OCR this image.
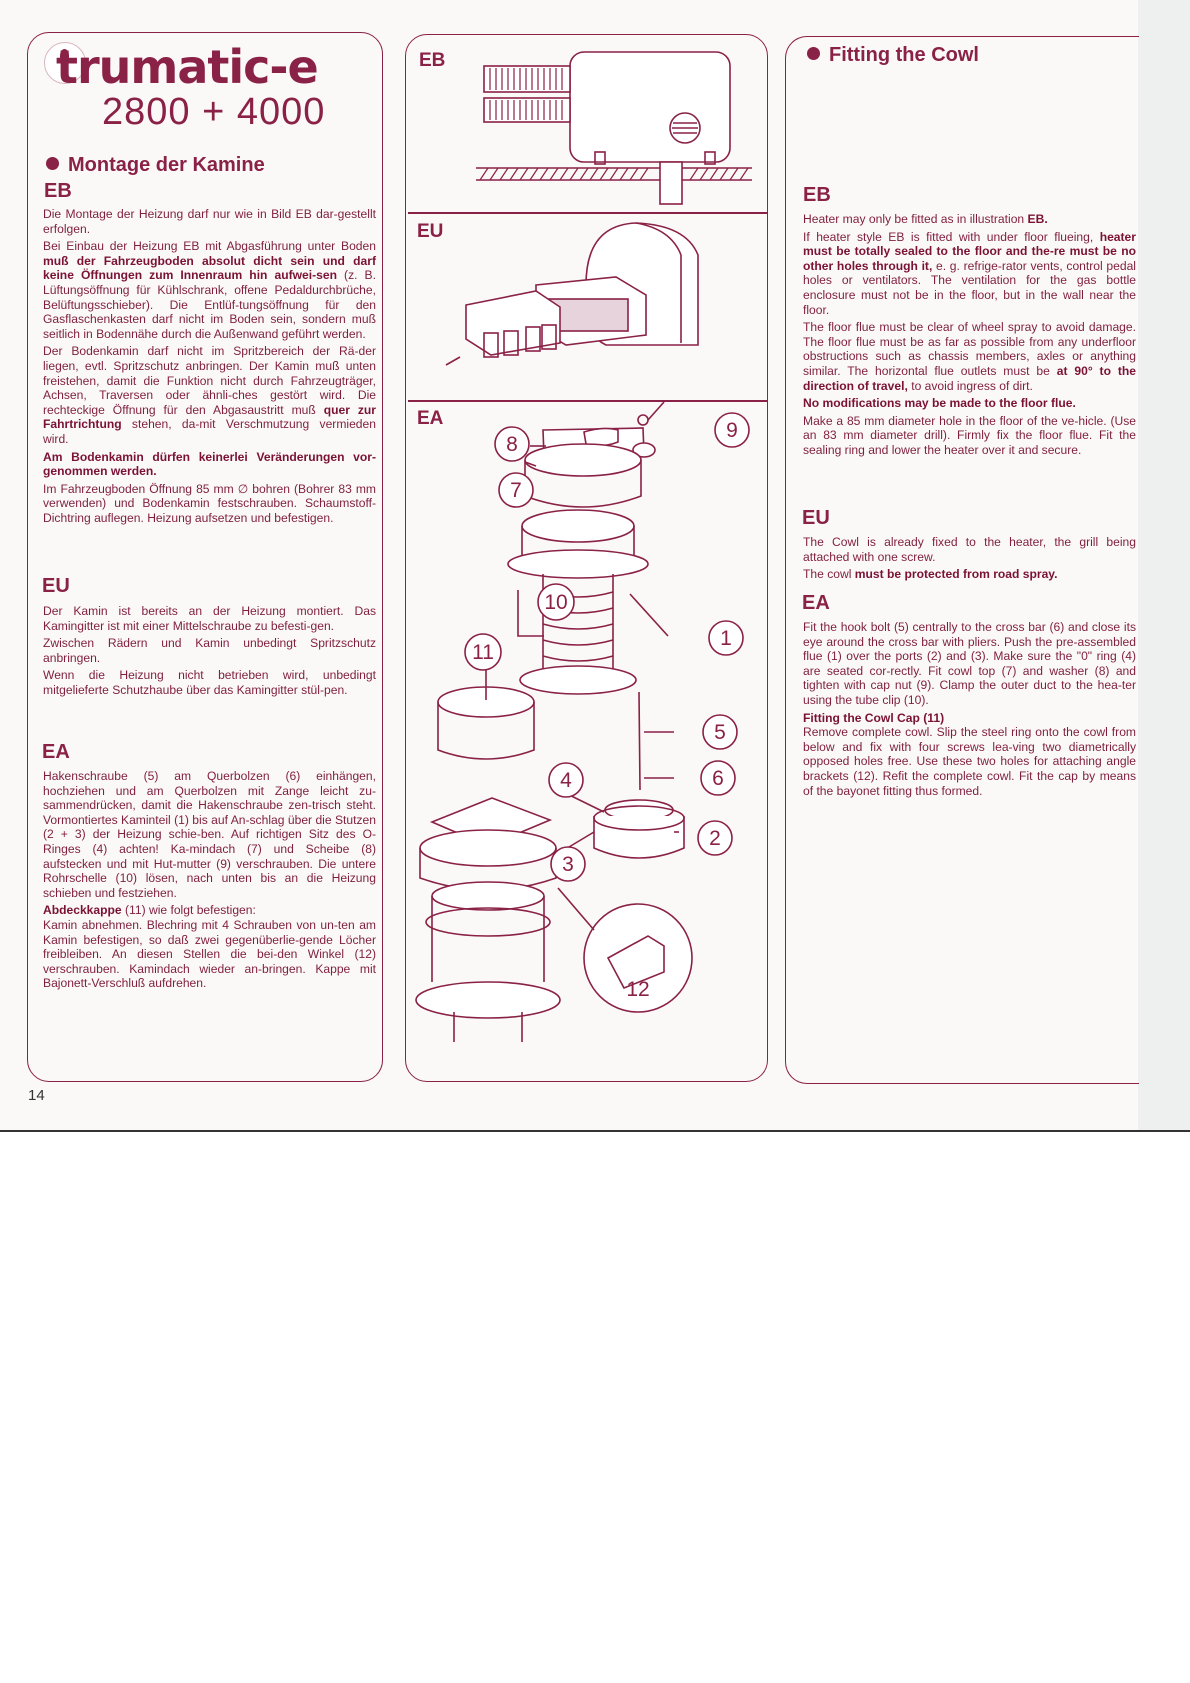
trumatic-e
2800 + 4000
Montage der Kamine
EB

Die Montage der Heizung darf nur wie in Bild EB dar-gestellt erfolgen.

Bei Einbau der Heizung EB mit Abgasführung unter Boden muß der Fahrzeugboden absolut dicht sein und darf keine Öffnungen zum Innenraum hin aufwei-sen (z. B. Lüftungsöffnung für Kühlschrank, offene Pedaldurchbrüche, Belüftungsschieber). Die Entlüf-tungsöffnung für den Gasflaschenkasten darf nicht im Boden sein, sondern muß seitlich in Bodennähe durch die Außenwand geführt werden.

Der Bodenkamin darf nicht im Spritzbereich der Rä-der liegen, evtl. Spritzschutz anbringen. Der Kamin muß unten freistehen, damit die Funktion nicht durch Fahrzeugträger, Achsen, Traversen oder ähnli-ches gestört wird. Die rechteckige Öffnung für den Abgasaustritt muß quer zur Fahrtrichtung stehen, da-mit Verschmutzung vermieden wird.

Am Bodenkamin dürfen keinerlei Veränderungen vor-genommen werden.

Im Fahrzeugboden Öffnung 85 mm ∅ bohren (Bohrer 83 mm verwenden) und Bodenkamin festschrauben. Schaumstoff-Dichtring auflegen. Heizung aufsetzen und befestigen.

EU

Der Kamin ist bereits an der Heizung montiert. Das Kamingitter ist mit einer Mittelschraube zu befesti-gen.

Zwischen Rädern und Kamin unbedingt Spritzschutz anbringen.

Wenn die Heizung nicht betrieben wird, unbedingt mitgelieferte Schutzhaube über das Kamingitter stül-pen.

EA

Hakenschraube (5) am Querbolzen (6) einhängen, hochziehen und am Querbolzen mit Zange leicht zu-sammendrücken, damit die Hakenschraube zen-trisch steht. Vormontiertes Kaminteil (1) bis auf An-schlag über die Stutzen (2 + 3) der Heizung schie-ben. Auf richtigen Sitz des O-Ringes (4) achten! Ka-mindach (7) und Scheibe (8) aufstecken und mit Hut-mutter (9) verschrauben. Die untere Rohrschelle (10) lösen, nach unten bis an die Heizung schieben und festziehen.

Abdeckkappe (11) wie folgt befestigen:
Kamin abnehmen. Blechring mit 4 Schrauben von un-ten am Kamin befestigen, so daß zwei gegenüberlie-gende Löcher freibleiben. An diesen Stellen die bei-den Winkel (12) verschrauben. Kamindach wieder an-bringen. Kappe mit Bajonett-Verschluß aufdrehen.

EB
EU
EA
8
9
7
10
1
11
5
4	6
2
3
12
Fitting the Cowl
EB

Heater may only be fitted as in illustration EB.

If heater style EB is fitted with under floor flueing, heater must be totally sealed to the floor and the-re must be no other holes through it, e. g. refrige-rator vents, control pedal holes or ventilators. The ventilation for the gas bottle enclosure must not be in the floor, but in the wall near the floor.

The floor flue must be clear of wheel spray to avoid damage. The floor flue must be as far as possible from any underfloor obstructions such as chassis members, axles or anything similar. The horizontal flue outlets must be at 90° to the direction of travel, to avoid ingress of dirt.

No modifications may be made to the floor flue.

Make a 85 mm diameter hole in the floor of the ve-hicle. (Use an 83 mm diameter drill). Firmly fix the floor flue. Fit the sealing ring and lower the heater over it and secure.

EU

The Cowl is already fixed to the heater, the grill being attached with one screw.

The cowl must be protected from road spray.

EA

Fit the hook bolt (5) centrally to the cross bar (6) and close its eye around the cross bar with pliers. Push the pre-assembled flue (1) over the ports (2) and (3). Make sure the "0" ring (4) are seated cor-rectly. Fit cowl top (7) and washer (8) and tighten with cap nut (9). Clamp the outer duct to the hea-ter using the tube clip (10).

Fitting the Cowl Cap (11)
Remove complete cowl. Slip the steel ring onto the cowl from below and fix with four screws lea-ving two diametrically opposed holes free. Use these two holes for attaching angle brackets (12). Refit the complete cowl. Fit the cap by means of the bayonet fitting thus formed.

14
